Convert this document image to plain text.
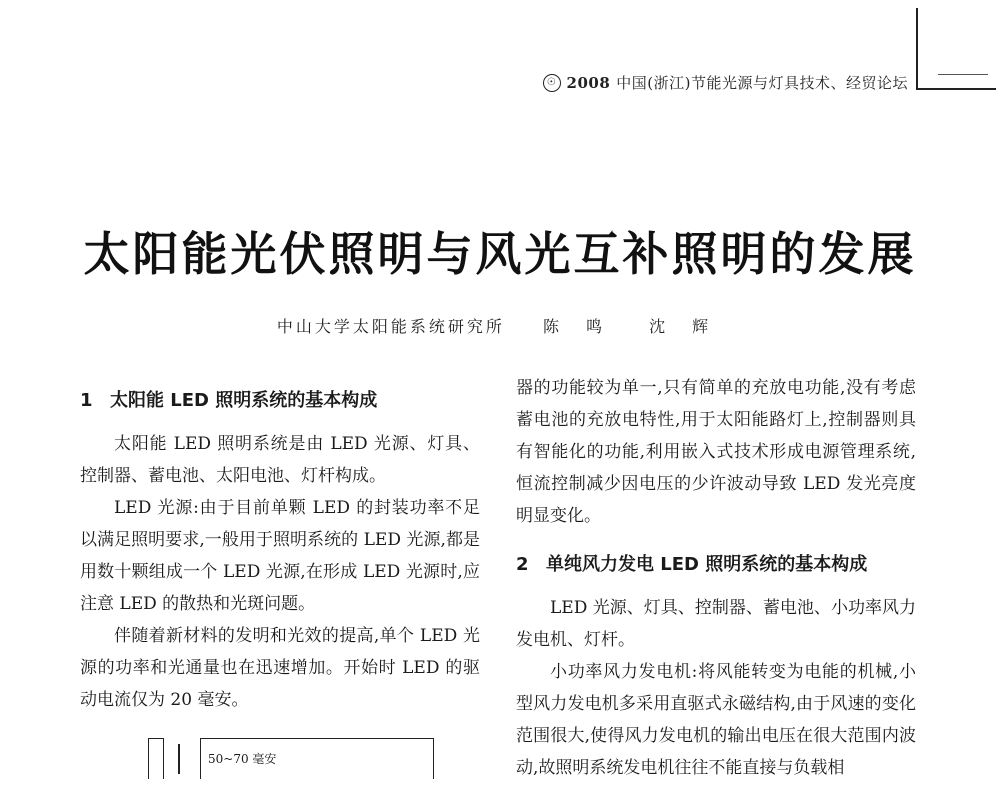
☉ 2008 中国(浙江)节能光源与灯具技术、经贸论坛
太阳能光伏照明与风光互补照明的发展
中山大学太阳能系统研究所 陈 鸣	沈 辉
1 太阳能 LED 照明系统的基本构成

太阳能 LED 照明系统是由 LED 光源、灯具、控制器、蓄电池、太阳电池、灯杆构成。

LED 光源:由于目前单颗 LED 的封装功率不足以满足照明要求,一般用于照明系统的 LED 光源,都是用数十颗组成一个 LED 光源,在形成 LED 光源时,应注意 LED 的散热和光斑问题。

伴随着新材料的发明和光效的提高,单个 LED 光源的功率和光通量也在迅速增加。开始时 LED 的驱动电流仅为 20 毫安。

50~70 毫安

器的功能较为单一,只有简单的充放电功能,没有考虑蓄电池的充放电特性,用于太阳能路灯上,控制器则具有智能化的功能,利用嵌入式技术形成电源管理系统,恒流控制减少因电压的少许波动导致 LED 发光亮度明显变化。

2 单纯风力发电 LED 照明系统的基本构成

LED 光源、灯具、控制器、蓄电池、小功率风力发电机、灯杆。

小功率风力发电机:将风能转变为电能的机械,小型风力发电机多采用直驱式永磁结构,由于风速的变化范围很大,使得风力发电机的输出电压在很大范围内波动,故照明系统发电机往往不能直接与负载相
